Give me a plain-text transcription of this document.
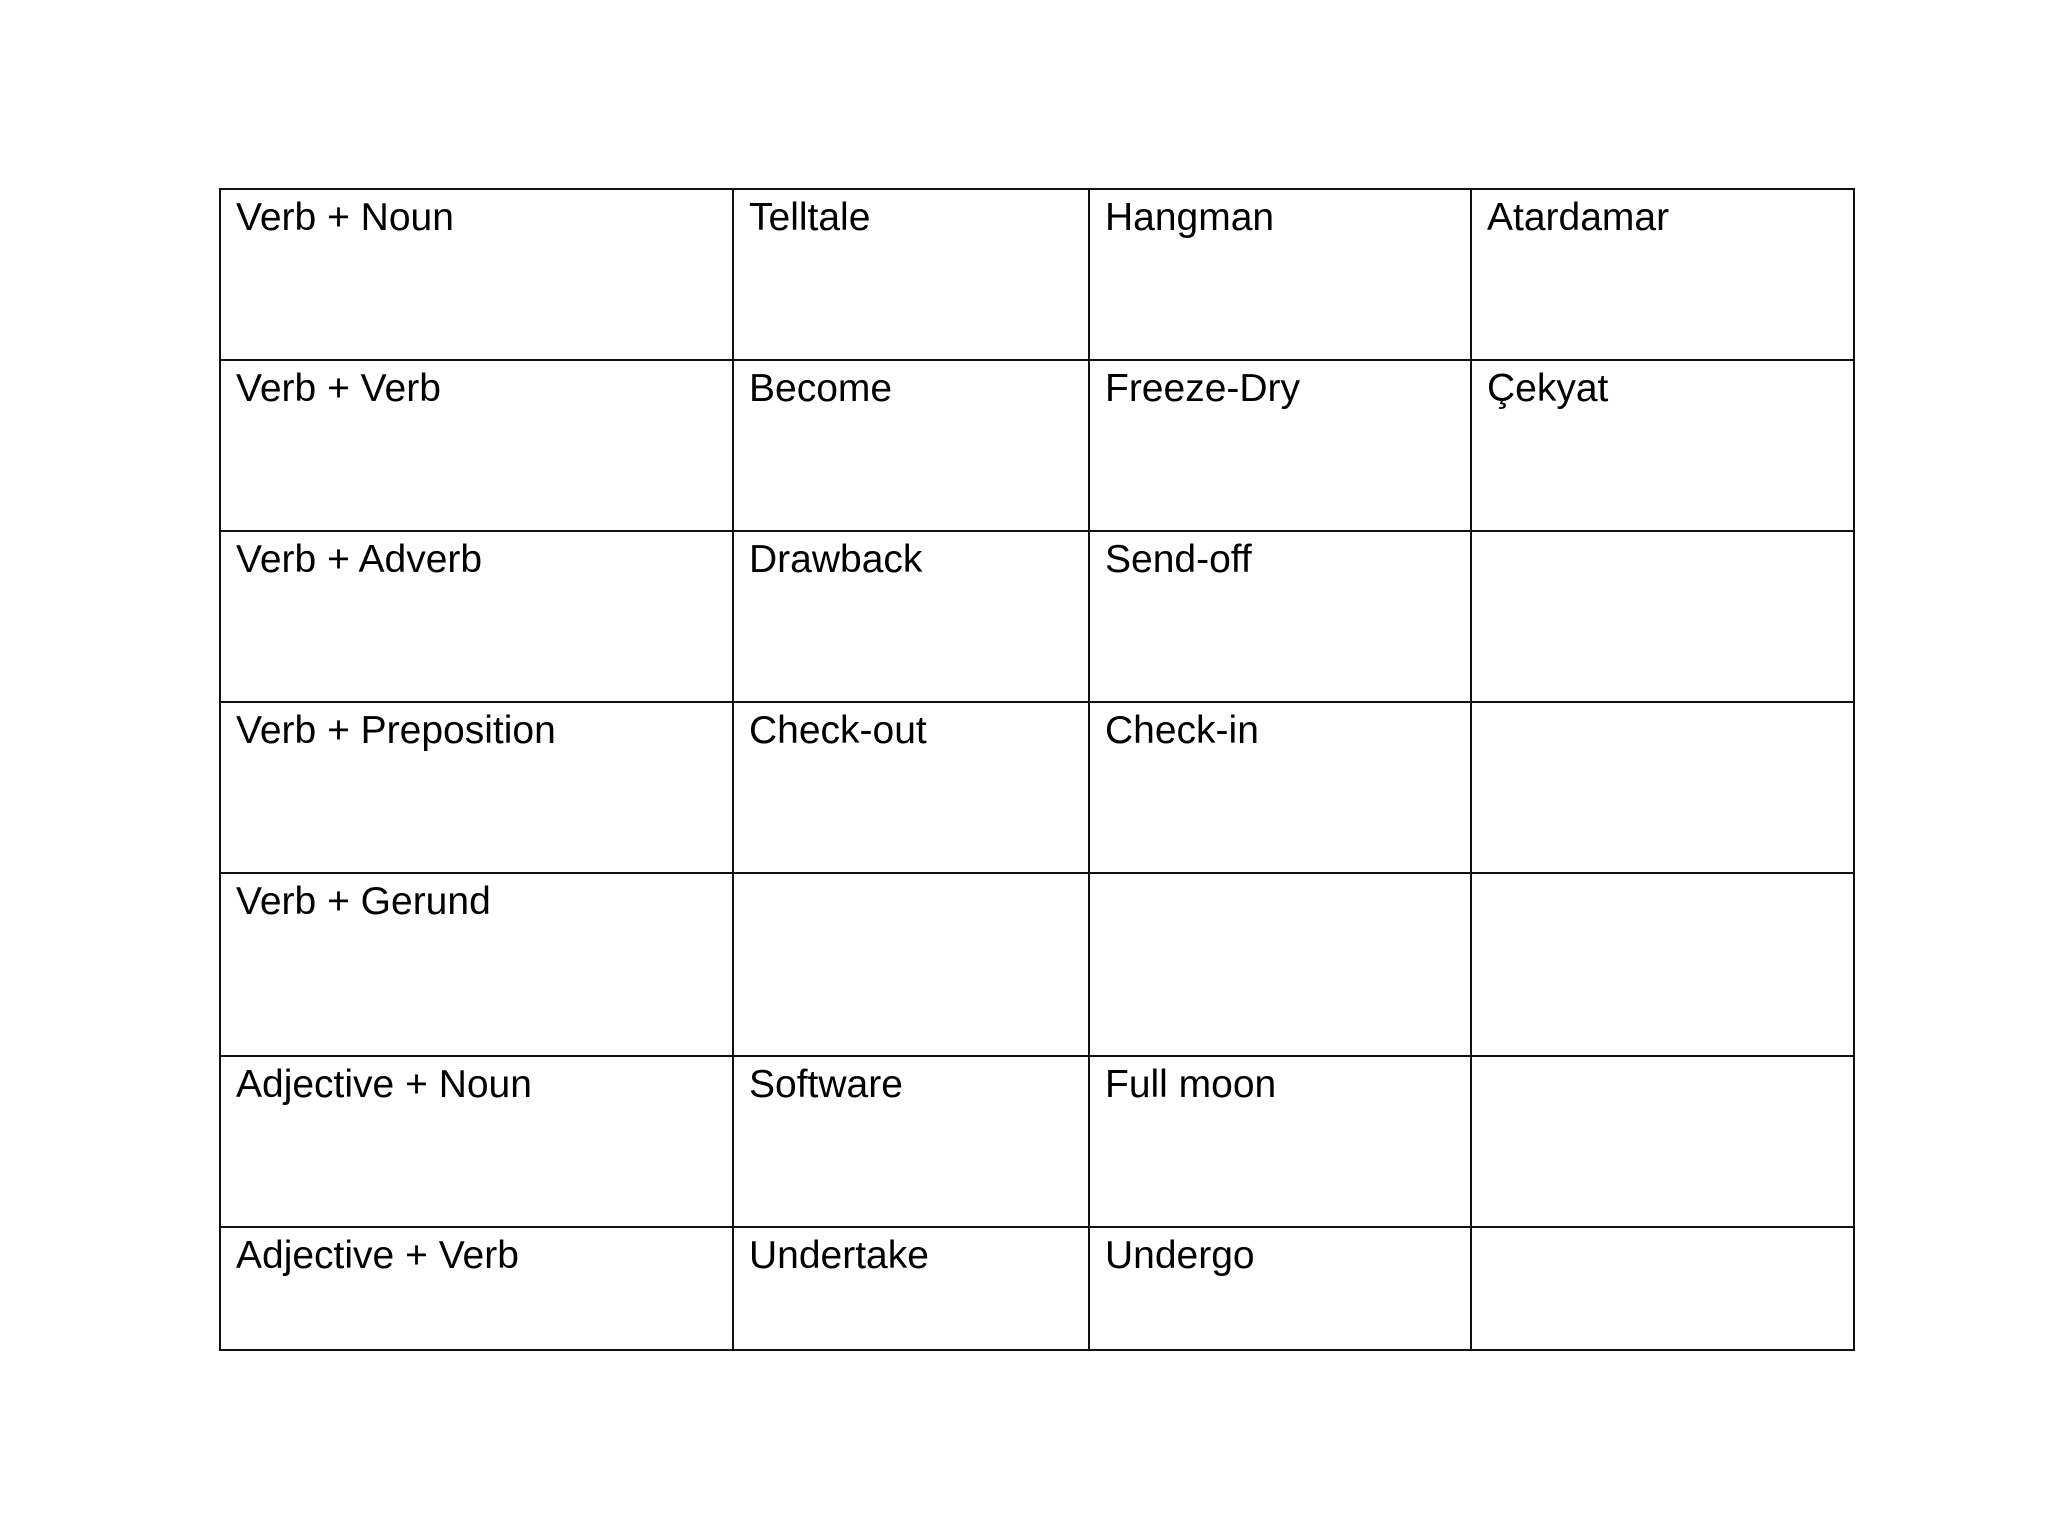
Verb + Noun	Telltale	Hangman	Atardamar
Verb + Verb	Become	Freeze-Dry	Çekyat
Verb + Adverb	Drawback	Send-off	
Verb + Preposition	Check-out	Check-in	
Verb + Gerund			
Adjective + Noun	Software	Full moon	
Adjective + Verb	Undertake	Undergo	
